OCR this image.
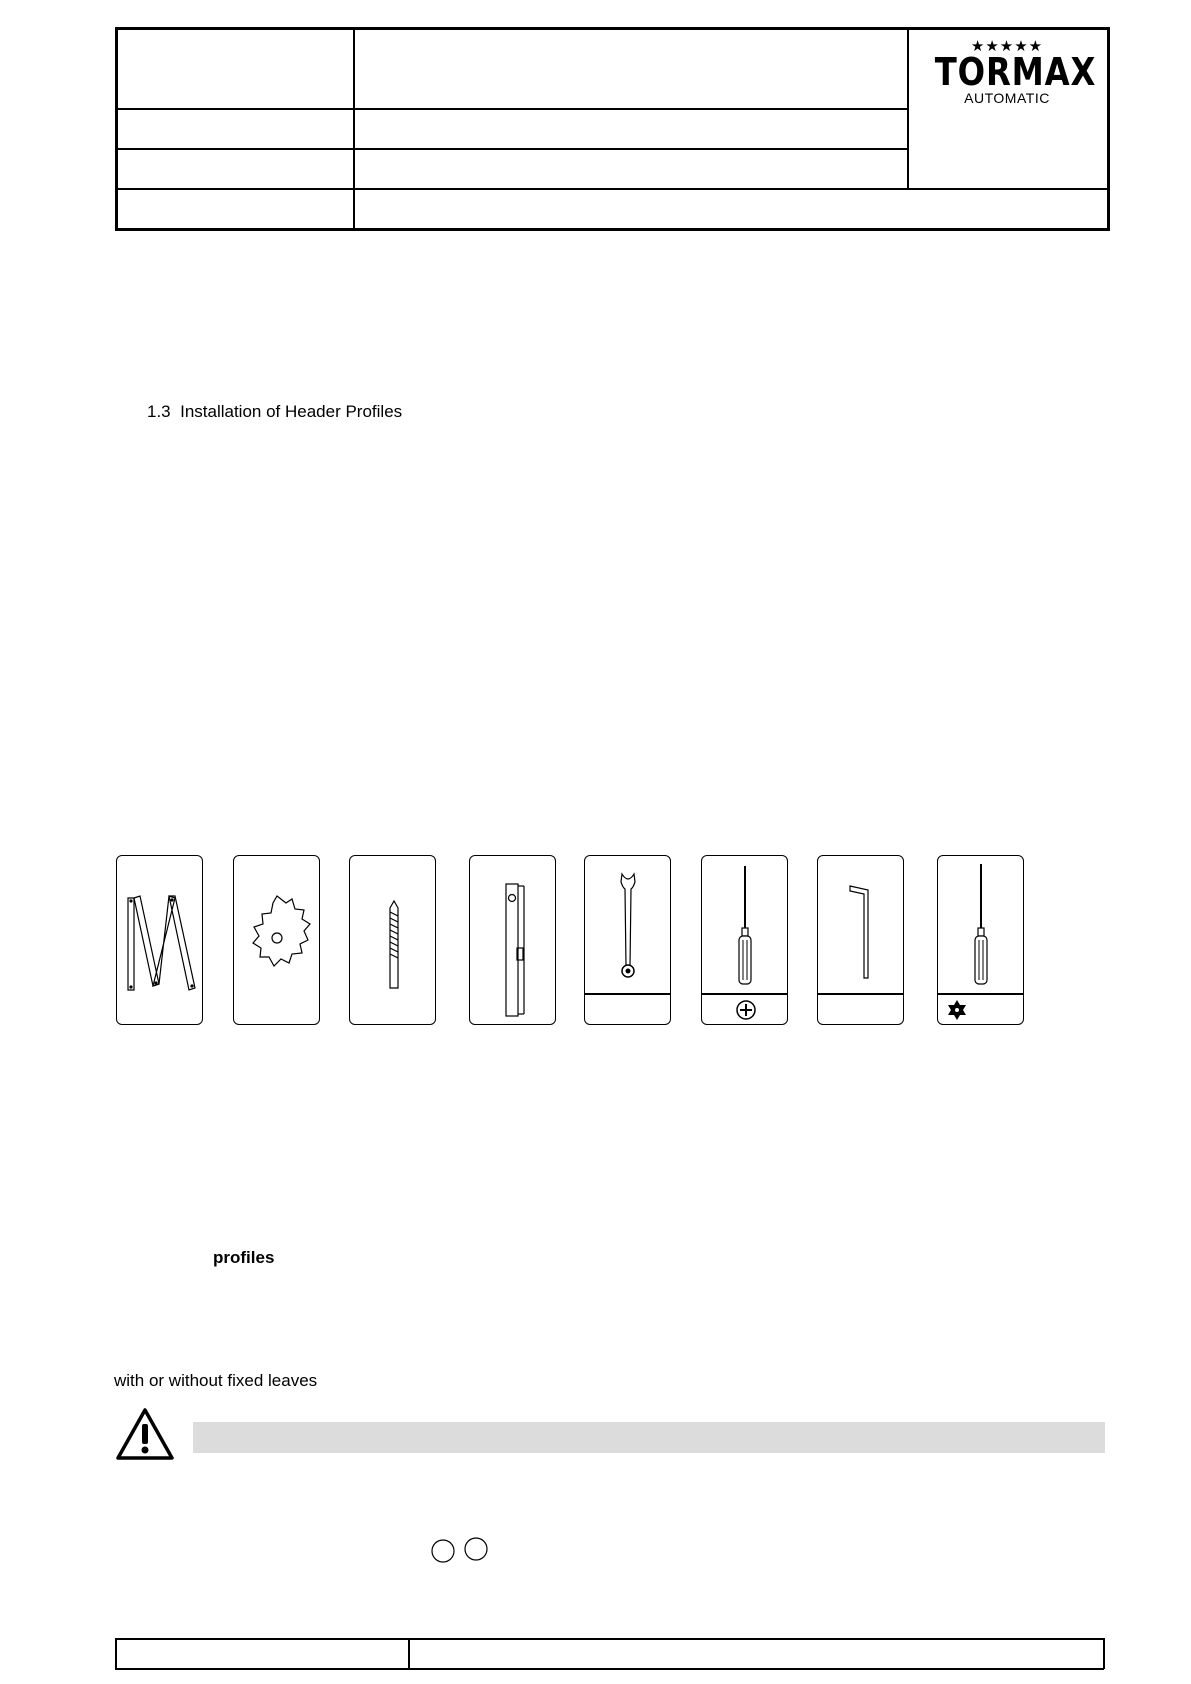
★★★★★
TORMAX
AUTOMATIC
1.3 Installation of Header Profiles
profiles
with or without fixed leaves
